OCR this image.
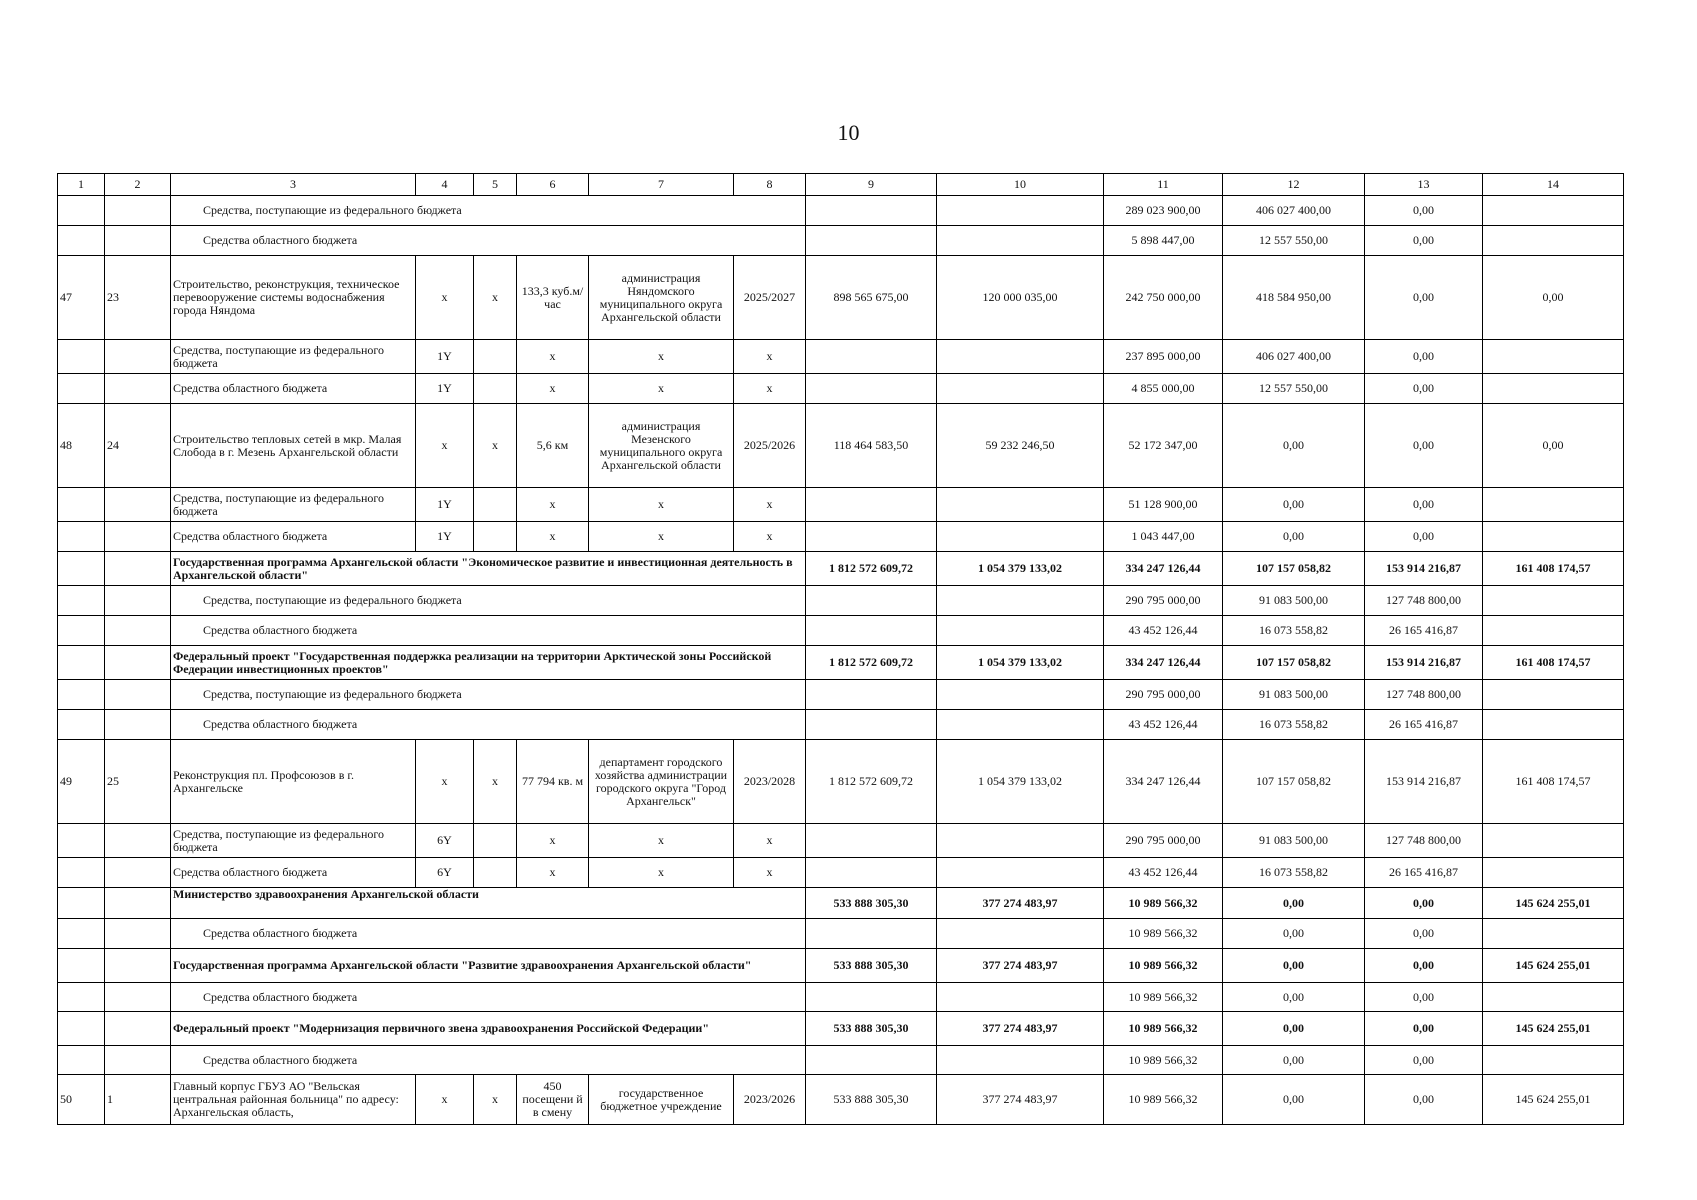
10
1	2	3	4	5	6	7	8	9	10	11	12	13	14
		Средства, поступающие из федерального бюджета								289 023 900,00	406 027 400,00	0,00	
		Средства областного бюджета								5 898 447,00	12 557 550,00	0,00	
47	23	Строительство, реконструкция, техническое перевооружение системы водоснабжения города Няндома	x	x	133,3 куб.м/час	администрация Няндомского муниципального округа Архангельской области	2025/2027	898 565 675,00	120 000 035,00	242 750 000,00	418 584 950,00	0,00	0,00
		Средства, поступающие из федерального бюджета	1Y		x	x	x			237 895 000,00	406 027 400,00	0,00	
		Средства областного бюджета	1Y		x	x	x			4 855 000,00	12 557 550,00	0,00	
48	24	Строительство тепловых сетей в мкр. Малая Слобода в г. Мезень Архангельской области	x	x	5,6 км	администрация Мезенского муниципального округа Архангельской области	2025/2026	118 464 583,50	59 232 246,50	52 172 347,00	0,00	0,00	0,00
		Средства, поступающие из федерального бюджета	1Y		x	x	x			51 128 900,00	0,00	0,00	
		Средства областного бюджета	1Y		x	x	x			1 043 447,00	0,00	0,00	
		Государственная программа Архангельской области "Экономическое развитие и инвестиционная деятельность в Архангельской области"						1 812 572 609,72	1 054 379 133,02	334 247 126,44	107 157 058,82	153 914 216,87	161 408 174,57
		Средства, поступающие из федерального бюджета								290 795 000,00	91 083 500,00	127 748 800,00	
		Средства областного бюджета								43 452 126,44	16 073 558,82	26 165 416,87	
		Федеральный проект "Государственная поддержка реализации на территории Арктической зоны Российской Федерации инвестиционных проектов"						1 812 572 609,72	1 054 379 133,02	334 247 126,44	107 157 058,82	153 914 216,87	161 408 174,57
		Средства, поступающие из федерального бюджета								290 795 000,00	91 083 500,00	127 748 800,00	
		Средства областного бюджета								43 452 126,44	16 073 558,82	26 165 416,87	
49	25	Реконструкция пл. Профсоюзов в г. Архангельске	x	x	77 794 кв. м	департамент городского хозяйства администрации городского округа "Город Архангельск"	2023/2028	1 812 572 609,72	1 054 379 133,02	334 247 126,44	107 157 058,82	153 914 216,87	161 408 174,57
		Средства, поступающие из федерального бюджета	6Y		x	x	x			290 795 000,00	91 083 500,00	127 748 800,00	
		Средства областного бюджета	6Y		x	x	x			43 452 126,44	16 073 558,82	26 165 416,87	
		Министерство здравоохранения Архангельской области						533 888 305,30	377 274 483,97	10 989 566,32	0,00	0,00	145 624 255,01
		Средства областного бюджета								10 989 566,32	0,00	0,00	
		Государственная программа Архангельской области "Развитие здравоохранения Архангельской области"						533 888 305,30	377 274 483,97	10 989 566,32	0,00	0,00	145 624 255,01
		Средства областного бюджета								10 989 566,32	0,00	0,00	
		Федеральный проект "Модернизация первичного звена здравоохранения Российской Федерации"						533 888 305,30	377 274 483,97	10 989 566,32	0,00	0,00	145 624 255,01
		Средства областного бюджета								10 989 566,32	0,00	0,00	
50	1	Главный корпус ГБУЗ АО "Вельская центральная районная больница" по адресу: Архангельская область,	x	x	450 посещени й в смену	государственное бюджетное учреждение	2023/2026	533 888 305,30	377 274 483,97	10 989 566,32	0,00	0,00	145 624 255,01
